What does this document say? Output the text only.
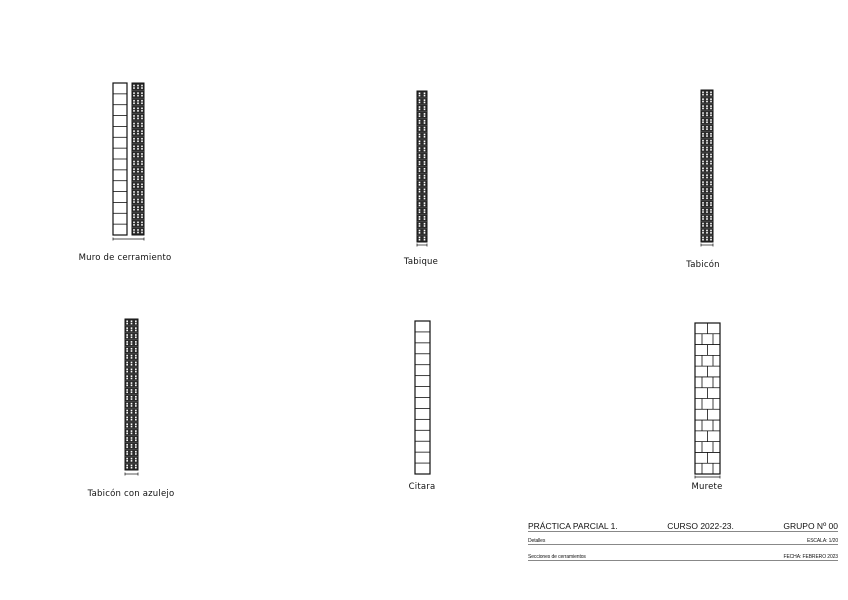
Muro de cerramiento	Tabique	Tabicón
Tabicón con azulejo
Citara	Murete
PRÁCTICA PARCIAL 1.	CURSO 2022-23.	GRUPO Nº 00
Detalles	ESCALA: 1/20
Secciones de cerramientos	FECHA: FEBRERO 2023
